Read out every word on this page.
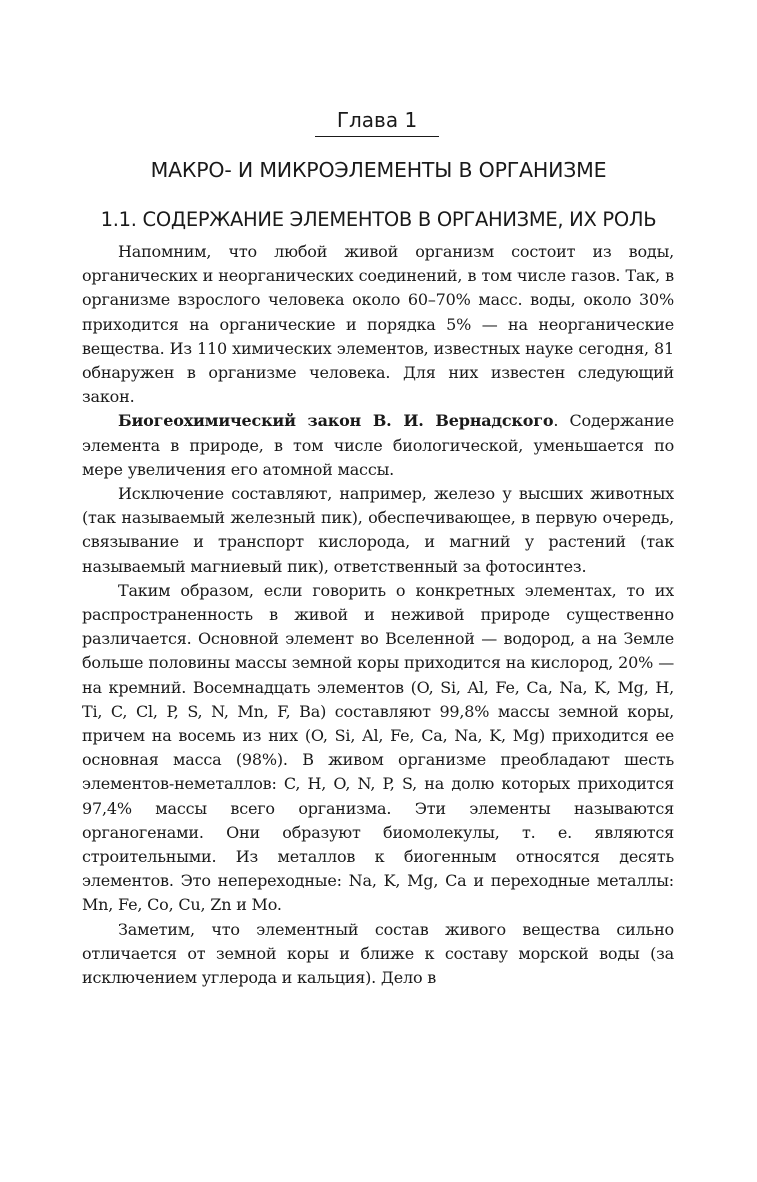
Глава 1
МАКРО- И МИКРОЭЛЕМЕНТЫ В ОРГАНИЗМЕ
1.1. СОДЕРЖАНИЕ ЭЛЕМЕНТОВ В ОРГАНИЗМЕ, ИХ РОЛЬ

Напомним, что любой живой организм состоит из воды, органических и неорганических соединений, в том числе газов. Так, в организме взрослого человека около 60–70% масс. воды, около 30% приходится на органические и порядка 5% — на неорганические вещества. Из 110 химических элементов, известных науке сегодня, 81 обнаружен в организме человека. Для них известен следующий закон.

Биогеохимический закон В. И. Вернадского. Содержание элемента в природе, в том числе биологической, уменьшается по мере увеличения его атомной массы.

Исключение составляют, например, железо у высших животных (так называемый железный пик), обеспечивающее, в первую очередь, связывание и транспорт кислорода, и магний у растений (так называемый магниевый пик), ответственный за фотосинтез.

Таким образом, если говорить о конкретных элементах, то их распространенность в живой и неживой природе существенно различается. Основной элемент во Вселенной — водород, а на Земле больше половины массы земной коры приходится на кислород, 20% — на кремний. Восемнадцать элементов (O, Si, Al, Fe, Ca, Na, K, Mg, H, Ti, C, Cl, P, S, N, Mn, F, Ba) составляют 99,8% массы земной коры, причем на восемь из них (O, Si, Al, Fe, Ca, Na, K, Mg) приходится ее основная масса (98%). В живом организме преобладают шесть элементов-неметаллов: C, H, O, N, P, S, на долю которых приходится 97,4% массы всего организма. Эти элементы называются органогенами. Они образуют биомолекулы, т. е. являются строительными. Из металлов к биогенным относятся десять элементов. Это непереходные: Na, K, Mg, Ca и переходные металлы: Mn, Fe, Co, Cu, Zn и Mo.

Заметим, что элементный состав живого вещества сильно отличается от земной коры и ближе к составу морской воды (за исключением углерода и кальция). Дело в
